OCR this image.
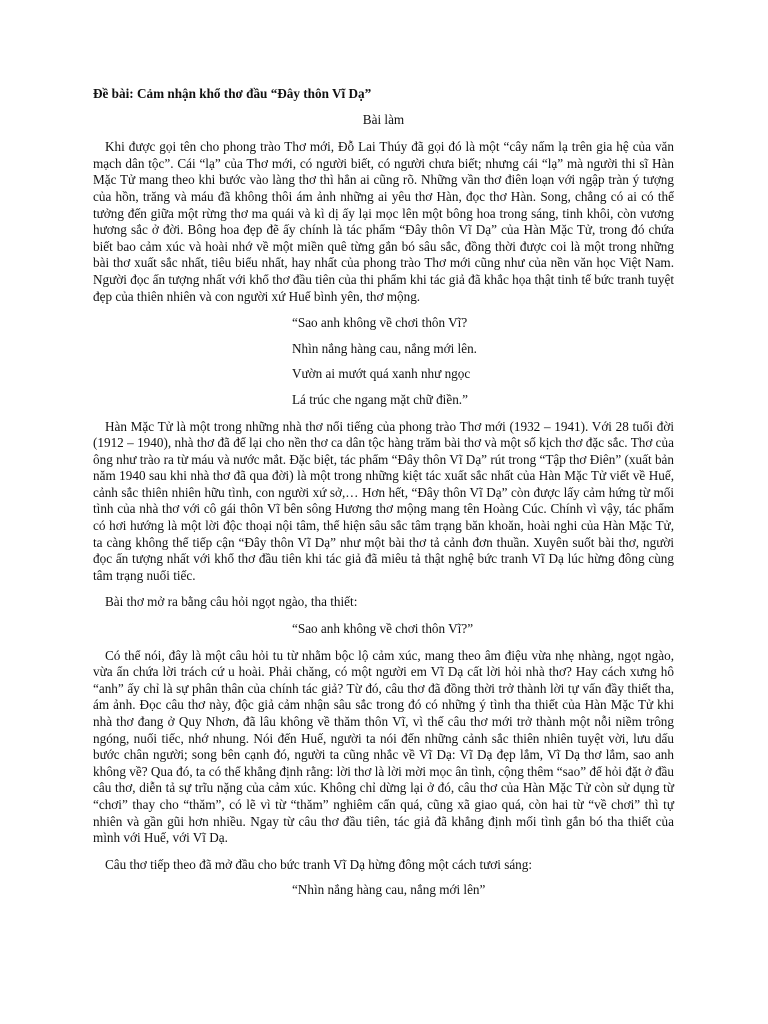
Đề bài: Cảm nhận khổ thơ đầu “Đây thôn Vĩ Dạ”

Bài làm

Khi được gọi tên cho phong trào Thơ mới, Đỗ Lai Thúy đã gọi đó là một “cây nấm lạ trên gia hệ của văn mạch dân tộc”. Cái “lạ” của Thơ mới, có người biết, có người chưa biết; nhưng cái “lạ” mà người thi sĩ Hàn Mặc Tử mang theo khi bước vào làng thơ thì hẳn ai cũng rõ. Những vần thơ điên loạn với ngập tràn ý tượng của hồn, trăng và máu đã không thôi ám ảnh những ai yêu thơ Hàn, đọc thơ Hàn. Song, chẳng có ai có thể tưởng đến giữa một rừng thơ ma quái và kì dị ấy lại mọc lên một bông hoa trong sáng, tinh khôi, còn vương hương sắc ở đời. Bông hoa đẹp đẽ ấy chính là tác phẩm “Đây thôn Vĩ Dạ” của Hàn Mặc Tử, trong đó chứa biết bao cảm xúc và hoài nhớ về một miền quê từng gắn bó sâu sắc, đồng thời được coi là một trong những bài thơ xuất sắc nhất, tiêu biểu nhất, hay nhất của phong trào Thơ mới cũng như của nền văn học Việt Nam. Người đọc ấn tượng nhất với khổ thơ đầu tiên của thi phẩm khi tác giả đã khắc họa thật tinh tế bức tranh tuyệt đẹp của thiên nhiên và con người xứ Huế bình yên, thơ mộng.

“Sao anh không về chơi thôn Vĩ?

Nhìn nắng hàng cau, nắng mới lên.

Vườn ai mướt quá xanh như ngọc

Lá trúc che ngang mặt chữ điền.”

Hàn Mặc Tử là một trong những nhà thơ nổi tiếng của phong trào Thơ mới (1932 – 1941). Với 28 tuổi đời (1912 – 1940), nhà thơ đã để lại cho nền thơ ca dân tộc hàng trăm bài thơ và một số kịch thơ đặc sắc. Thơ của ông như trào ra từ máu và nước mắt. Đặc biệt, tác phẩm “Đây thôn Vĩ Dạ” rút trong “Tập thơ Điên” (xuất bản năm 1940 sau khi nhà thơ đã qua đời) là một trong những kiệt tác xuất sắc nhất của Hàn Mặc Tử viết về Huế, cảnh sắc thiên nhiên hữu tình, con người xứ sở,… Hơn hết, “Đây thôn Vĩ Dạ” còn được lấy cảm hứng từ mối tình của nhà thơ với cô gái thôn Vĩ bên sông Hương thơ mộng mang tên Hoàng Cúc. Chính vì vậy, tác phẩm có hơi hướng là một lời độc thoại nội tâm, thể hiện sâu sắc tâm trạng băn khoăn, hoài nghi của Hàn Mặc Tử, ta càng không thể tiếp cận “Đây thôn Vĩ Dạ” như một bài thơ tả cảnh đơn thuần. Xuyên suốt bài thơ, người đọc ấn tượng nhất với khổ thơ đầu tiên khi tác giả đã miêu tả thật nghệ bức tranh Vĩ Dạ lúc hừng đông cùng tâm trạng nuối tiếc.

Bài thơ mở ra bằng câu hỏi ngọt ngào, tha thiết:

“Sao anh không về chơi thôn Vĩ?”

Có thể nói, đây là một câu hỏi tu từ nhằm bộc lộ cảm xúc, mang theo âm điệu vừa nhẹ nhàng, ngọt ngào, vừa ẩn chứa lời trách cứ u hoài. Phải chăng, có một người em Vĩ Dạ cất lời hỏi nhà thơ? Hay cách xưng hô “anh” ấy chỉ là sự phân thân của chính tác giả? Từ đó, câu thơ đã đồng thời trở thành lời tự vấn đầy thiết tha, ám ảnh. Đọc câu thơ này, độc giả cảm nhận sâu sắc trong đó có những ý tình tha thiết của Hàn Mặc Tử khi nhà thơ đang ở Quy Nhơn, đã lâu không về thăm thôn Vĩ, vì thế câu thơ mới trở thành một nỗi niềm trông ngóng, nuối tiếc, nhớ nhung. Nói đến Huế, người ta nói đến những cảnh sắc thiên nhiên tuyệt vời, lưu dấu bước chân người; song bên cạnh đó, người ta cũng nhắc về Vĩ Dạ: Vĩ Dạ đẹp lắm, Vĩ Dạ thơ lắm, sao anh không về? Qua đó, ta có thể khẳng định rằng: lời thơ là lời mời mọc ân tình, cộng thêm “sao” để hỏi đặt ở đầu câu thơ, diễn tả sự trĩu nặng của cảm xúc. Không chỉ dừng lại ở đó, câu thơ của Hàn Mặc Tử còn sử dụng từ “chơi” thay cho “thăm”, có lẽ vì từ “thăm” nghiêm cẩn quá, cũng xã giao quá, còn hai từ “về chơi” thì tự nhiên và gần gũi hơn nhiều. Ngay từ câu thơ đầu tiên, tác giả đã khẳng định mối tình gắn bó tha thiết của mình với Huế, với Vĩ Dạ.

Câu thơ tiếp theo đã mở đầu cho bức tranh Vĩ Dạ hừng đông một cách tươi sáng:

“Nhìn nắng hàng cau, nắng mới lên”
